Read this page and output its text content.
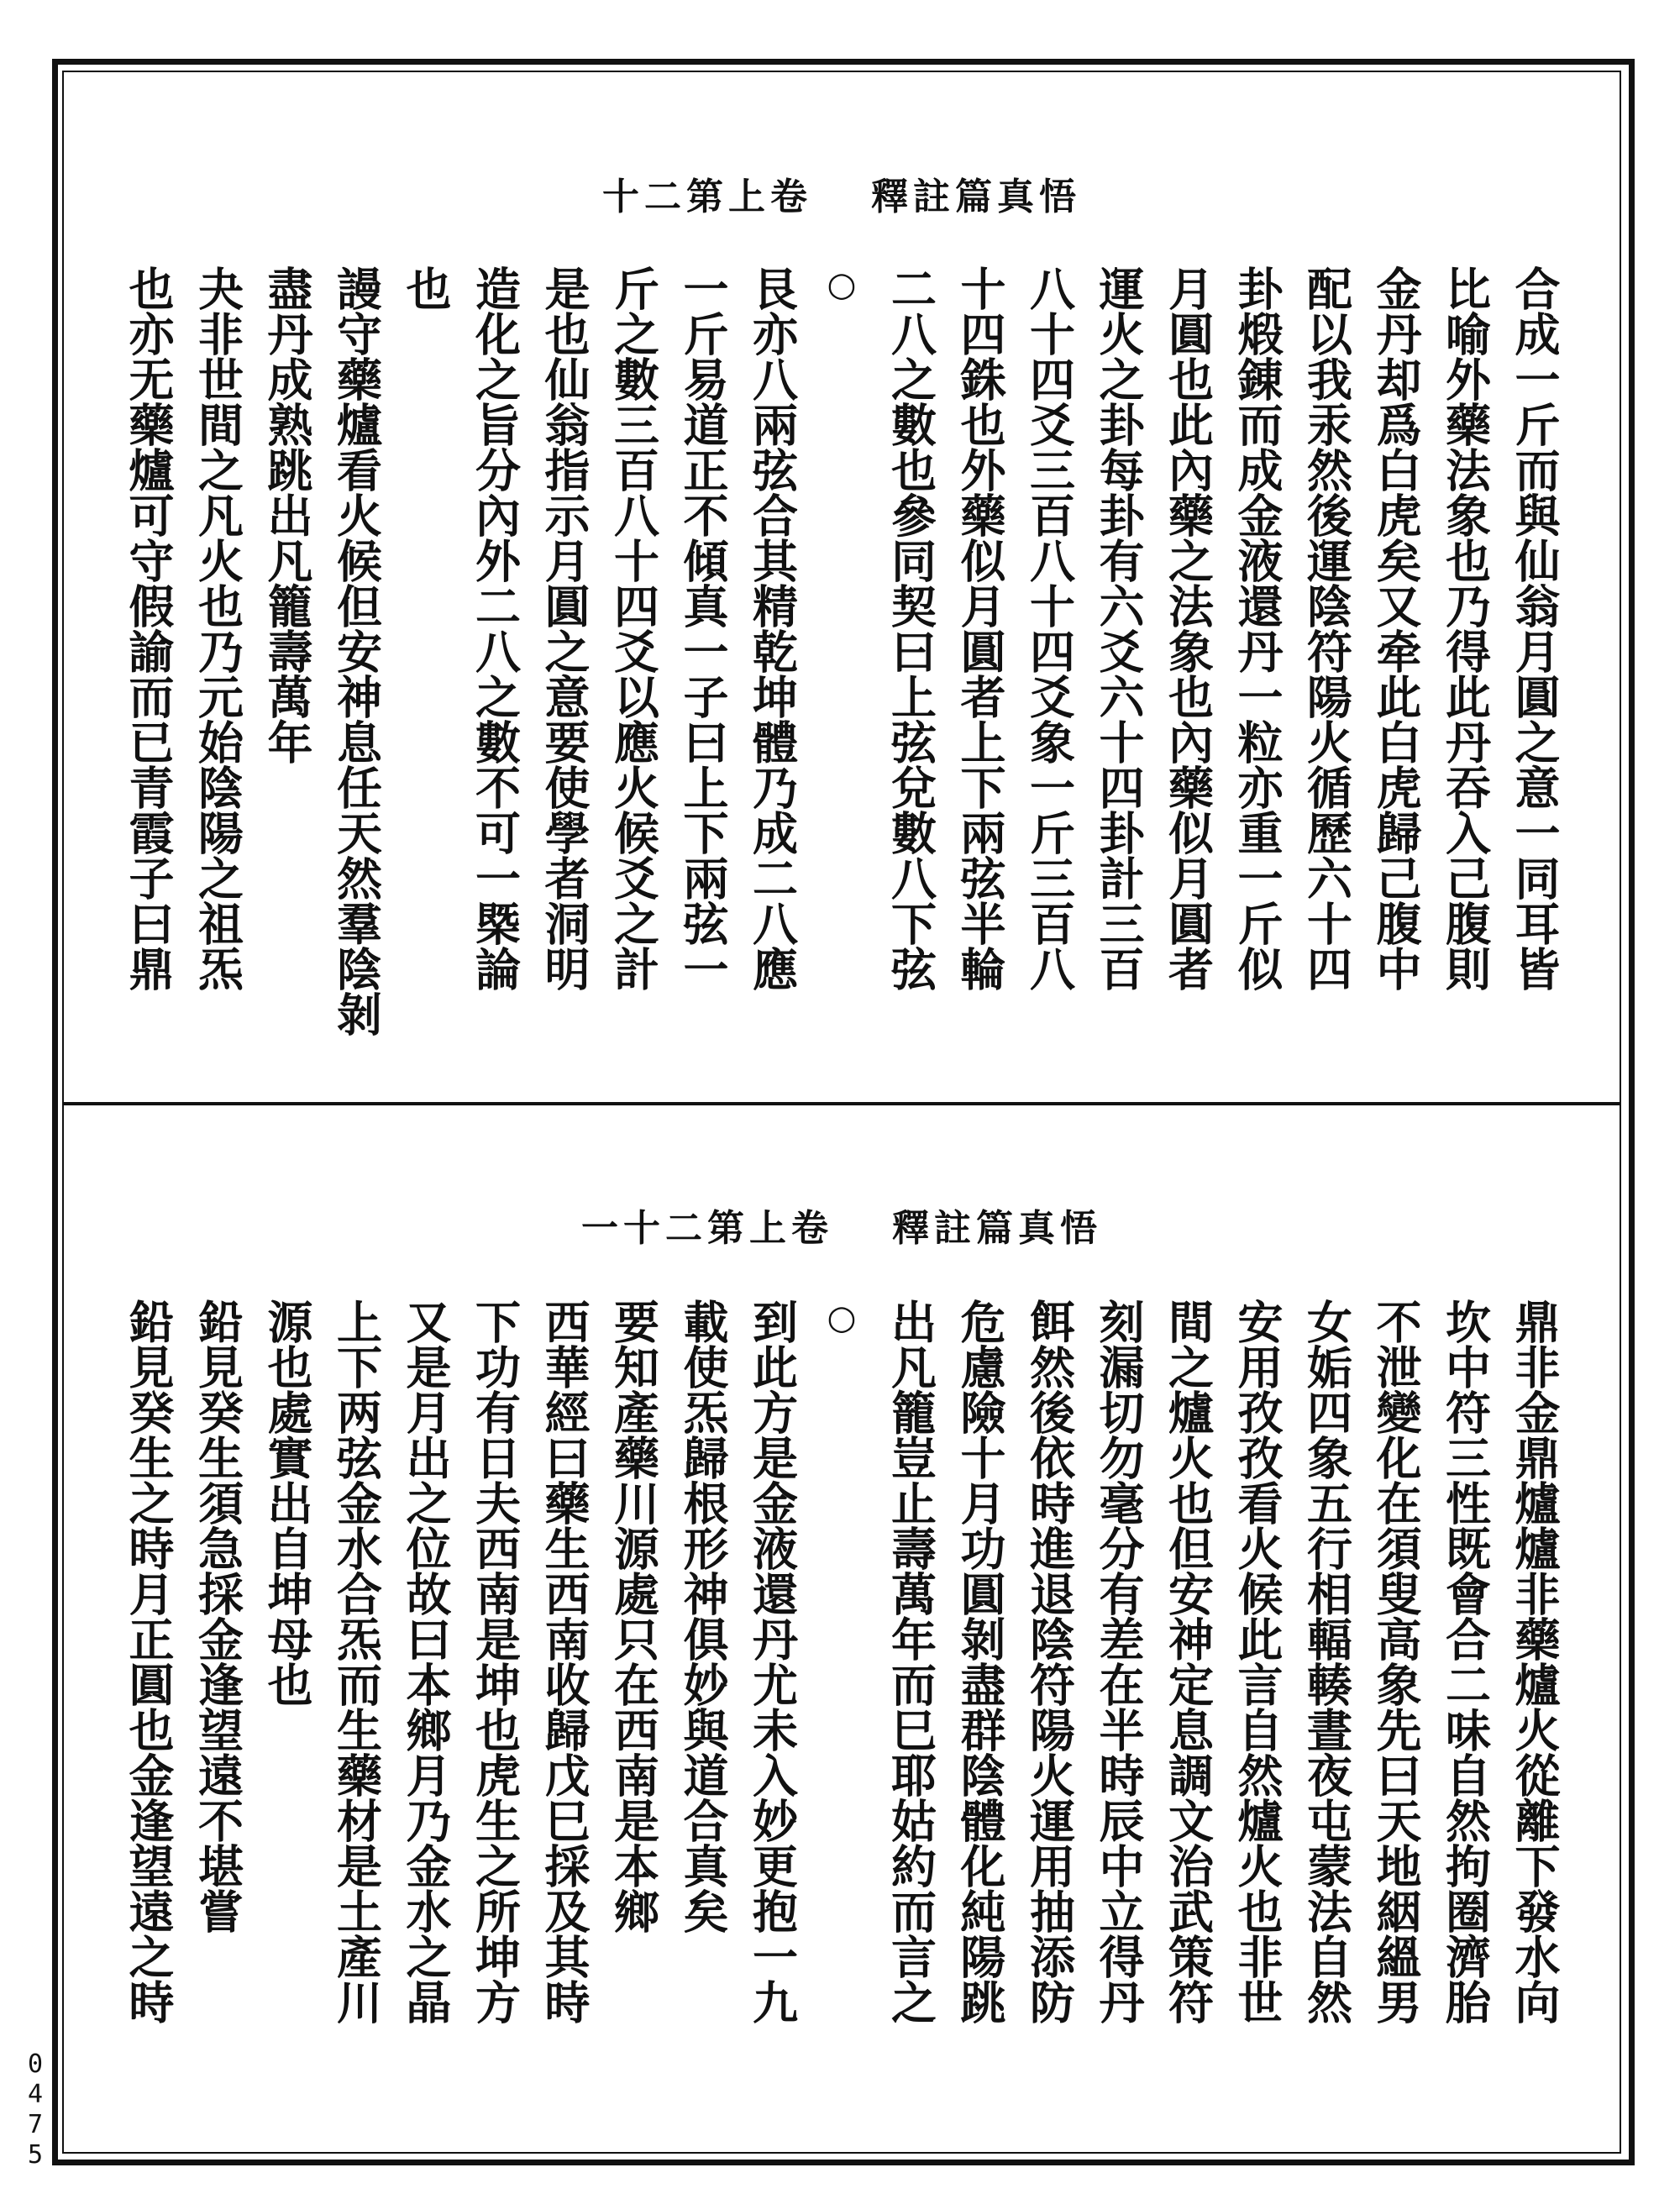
十二第上卷 釋註篇真悟
合成一斤而與仙翁月圓之意一同耳皆
比喻外藥法象也乃得此丹吞入己腹則
金丹却爲白虎矣又牵此白虎歸己腹中
配以我汞然後運陰符陽火循歷六十四
卦煅錬而成金液還丹一粒亦重一斤似
月圓也此內藥之法象也內藥似月圓者
運火之卦每卦有六爻六十四卦計三百
八十四爻三百八十四爻象一斤三百八
十四銖也外藥似月圓者上下兩弦半輪
二八之數也參同契曰上弦兌數八下弦
○
艮亦八兩弦合其精乾坤體乃成二八應
一斤易道正不傾真一子曰上下兩弦一
斤之數三百八十四爻以應火候爻之計
是也仙翁指示月圓之意要使學者洞明
造化之旨分內外二八之數不可一槩論
也
謾守藥爐看火候但安神息任天然羣陰剝
盡丹成熟跳出凡籠壽萬年
夬非世間之凡火也乃元始陰陽之祖炁
也亦无藥爐可守假諭而已青霞子曰鼎
一十二第上卷 釋註篇真悟
鼎非金鼎爐爐非藥爐火從離下發水向
坎中符三性既會合二味自然拘圈濟胎
不泄變化在須叟高象先曰天地絪縕男
女姤四象五行相輻輳晝夜屯蒙法自然
安用孜孜看火候此言自然爐火也非世
間之爐火也但安神定息調文治武策符
刻漏切勿毫分有差在半時辰中立得丹
餌然後依時進退陰符陽火運用抽添防
危慮險十月功圓剝盡群陰體化純陽跳
出凡籠豈止壽萬年而巳耶姑約而言之
○
到此方是金液還丹尤未入妙更抱一九
載使炁歸根形神俱妙與道合真矣
要知產藥川源處只在西南是本鄉
西華經曰藥生西南收歸戊巳採及其時
下功有日夫西南是坤也虎生之所坤方
又是月出之位故曰本鄉月乃金水之晶
上下两弦金水合炁而生藥材是土產川
源也處實出自坤母也
鉛見癸生須急採金逢望遠不堪嘗
鉛見癸生之時月正圓也金逢望遠之時
0
4
7
5
